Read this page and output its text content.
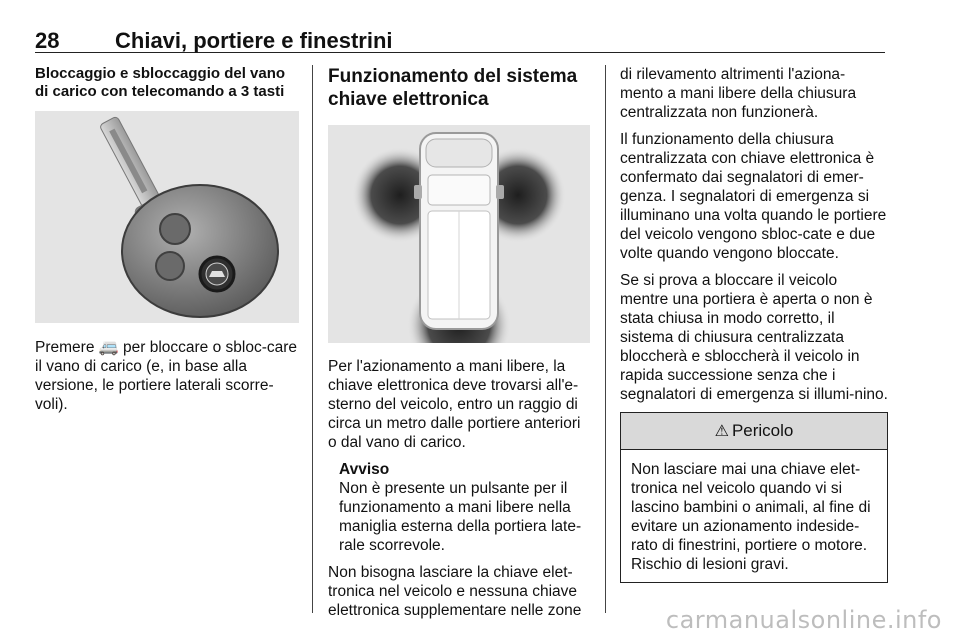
28	Chiavi, portiere e finestrini

Bloccaggio e sbloccaggio del vano di carico con telecomando a 3 tasti

Premere 🚐 per bloccare o sbloc-care il vano di carico (e, in base alla versione, le portiere laterali scorre-voli).

Funzionamento del sistema chiave elettronica

Per l'azionamento a mani libere, la chiave elettronica deve trovarsi all'e-sterno del veicolo, entro un raggio di circa un metro dalle portiere anteriori o dal vano di carico.

Avviso

Non è presente un pulsante per il funzionamento a mani libere nella maniglia esterna della portiera late-rale scorrevole.

Non bisogna lasciare la chiave elet-tronica nel veicolo e nessuna chiave elettronica supplementare nelle zone

di rilevamento altrimenti l'aziona-mento a mani libere della chiusura centralizzata non funzionerà.

Il funzionamento della chiusura centralizzata con chiave elettronica è confermato dai segnalatori di emer-genza. I segnalatori di emergenza si illuminano una volta quando le portiere del veicolo vengono sbloc-cate e due volte quando vengono bloccate.

Se si prova a bloccare il veicolo mentre una portiera è aperta o non è stata chiusa in modo corretto, il sistema di chiusura centralizzata bloccherà e sbloccherà il veicolo in rapida successione senza che i segnalatori di emergenza si illumi-nino.

⚠ Pericolo
Non lasciare mai una chiave elet-tronica nel veicolo quando vi si lascino bambini o animali, al fine di evitare un azionamento indeside-rato di finestrini, portiere o motore. Rischio di lesioni gravi.
carmanualsonline.info
